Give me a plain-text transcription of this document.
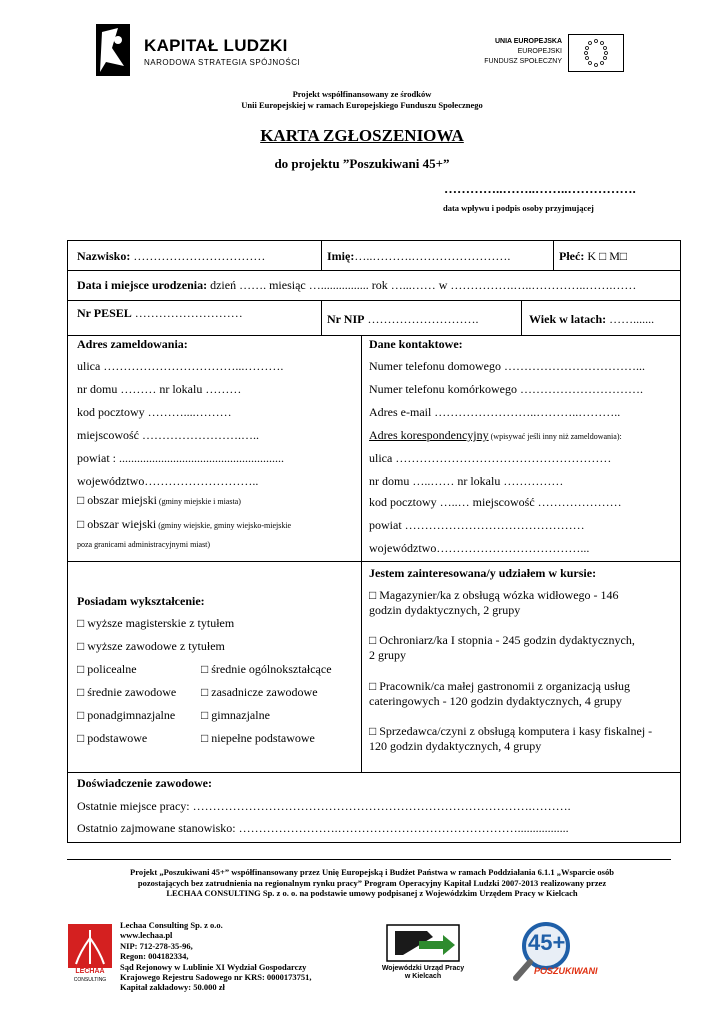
KAPITAŁ LUDZKI
NARODOWA STRATEGIA SPÓJNOŚCI
UNIA EUROPEJSKA
EUROPEJSKI
FUNDUSZ SPOŁECZNY
Projekt współfinansowany ze środków
Unii Europejskiej w ramach Europejskiego Funduszu Społecznego
KARTA ZGŁOSZENIOWA
do projektu ”Poszukiwani 45+”
…………..……..……..…………….
data wpływu i podpis osoby przyjmującej
Nazwisko: ……………………………	Imię:…..……….…………………….	Płeć: K □ M□
Data i miejsce urodzenia: dzień ……. miesiąc …................ rok …...…… w …………….…..…………..…….……
Nr PESEL ………………………	Nr NIP ……………………….	Wiek w latach: …….......
Adres zameldowania:
ulica ……………………………...……….
nr domu ……… nr lokalu ………
kod pocztowy ………....………
miejscowość …………………….…..
powiat : .......................................................
województwo………………………..
□ obszar miejski (gminy miejskie i miasta)
□ obszar wiejski (gminy wiejskie, gminy wiejsko-miejskie
poza granicami administracyjnymi miast)
Dane kontaktowe:
Numer telefonu domowego ……………………………...
Numer telefonu komórkowego ………………………….
Adres e-mail ……………………..………..………..
Adres korespondencyjny (wpisywać jeśli inny niż zameldowania):
ulica ………………………………………………
nr domu …..…… nr lokalu ……………
kod pocztowy …..… miejscowość …………………
powiat ………………………………………
województwo………………………………...
Posiadam wykształcenie:
□ wyższe magisterskie z tytułem
□ wyższe zawodowe z tytułem
□ policealne
□ średnie zawodowe
□ ponadgimnazjalne
□ podstawowe
□ średnie ogólnokształcące
□ zasadnicze zawodowe
□ gimnazjalne
□ niepełne podstawowe
Jestem zainteresowana/y udziałem w kursie:
□ Magazynier/ka z obsługą wózka widłowego - 146
godzin dydaktycznych, 2 grupy
□ Ochroniarz/ka I stopnia - 245 godzin dydaktycznych,
2 grupy
□ Pracownik/ca małej gastronomii z organizacją usług
cateringowych - 120 godzin dydaktycznych, 4 grupy
□ Sprzedawca/czyni z obsługą komputera i kasy fiskalnej -
120 godzin dydaktycznych, 4 grupy
Doświadczenie zawodowe:
Ostatnie miejsce pracy: ………………………………………………………………………….……….
Ostatnio zajmowane stanowisko: …………………….……………………………………….................
Projekt „Poszukiwani 45+” współfinansowany przez Unię Europejską i Budżet Państwa w ramach Poddziałania 6.1.1 „Wsparcie osób
pozostających bez zatrudnienia na regionalnym rynku pracy” Program Operacyjny Kapitał Ludzki 2007-2013 realizowany przez
LECHAA CONSULTING Sp. z o. o. na podstawie umowy podpisanej z Wojewódzkim Urzędem Pracy w Kielcach
LECHAA
CONSULTING
Lechaa Consulting Sp. z o.o.
www.lechaa.pl
NIP: 712-278-35-96,
Regon: 004182334,
Sąd Rejonowy w Lublinie XI Wydział Gospodarczy
Krajowego Rejestru Sadowego nr KRS: 0000173751,
Kapitał zakładowy: 50.000 zł
Wojewódzki Urząd Pracy
w Kielcach
45+
POSZUKIWANI
